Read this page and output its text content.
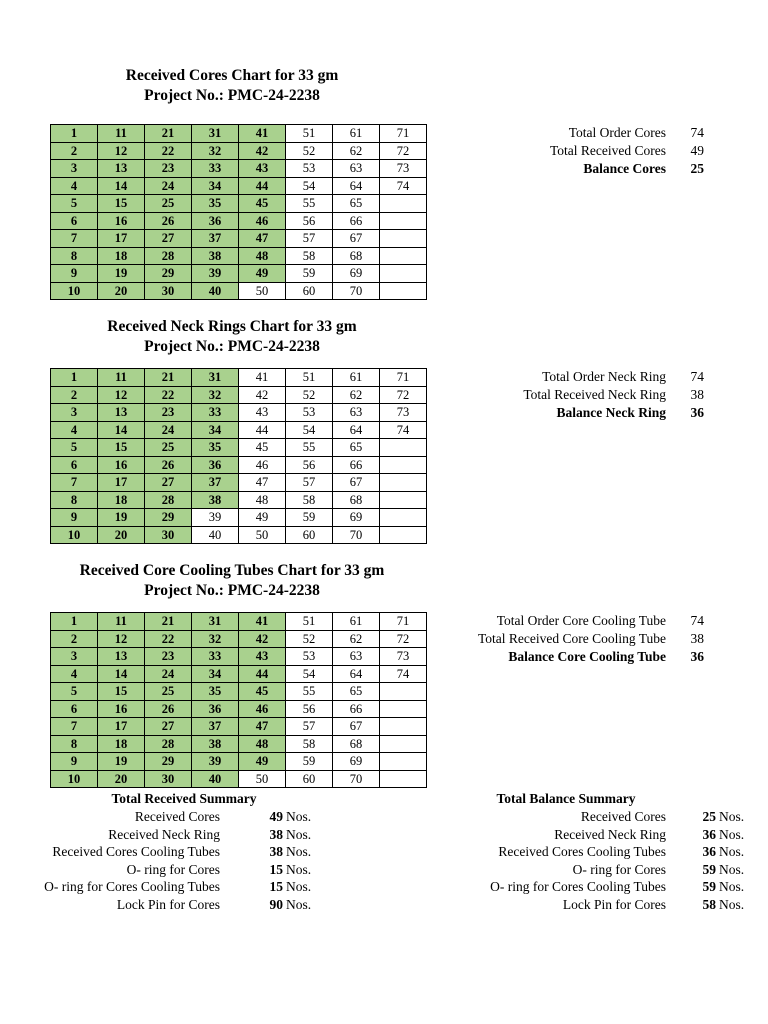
Received Cores Chart for 33 gm
Project No.: PMC-24-2238
1	11	21	31	41	51	61	71
2	12	22	32	42	52	62	72
3	13	23	33	43	53	63	73
4	14	24	34	44	54	64	74
5	15	25	35	45	55	65	
6	16	26	36	46	56	66	
7	17	27	37	47	57	67	
8	18	28	38	48	58	68	
9	19	29	39	49	59	69	
10	20	30	40	50	60	70	
Total Order Cores	74
Total Received Cores	49
Balance Cores	25
Received Neck Rings Chart for 33 gm
Project No.: PMC-24-2238
1	11	21	31	41	51	61	71
2	12	22	32	42	52	62	72
3	13	23	33	43	53	63	73
4	14	24	34	44	54	64	74
5	15	25	35	45	55	65	
6	16	26	36	46	56	66	
7	17	27	37	47	57	67	
8	18	28	38	48	58	68	
9	19	29	39	49	59	69	
10	20	30	40	50	60	70	
Total Order Neck Ring	74
Total Received Neck Ring	38
Balance Neck Ring	36
Received Core Cooling Tubes Chart for 33 gm
Project No.: PMC-24-2238
1	11	21	31	41	51	61	71
2	12	22	32	42	52	62	72
3	13	23	33	43	53	63	73
4	14	24	34	44	54	64	74
5	15	25	35	45	55	65	
6	16	26	36	46	56	66	
7	17	27	37	47	57	67	
8	18	28	38	48	58	68	
9	19	29	39	49	59	69	
10	20	30	40	50	60	70	
Total Order Core Cooling Tube	74
Total Received Core Cooling Tube	38
Balance Core Cooling Tube	36
Total Received Summary
Received Cores	49 Nos.
Received Neck Ring	38 Nos.
Received Cores Cooling Tubes	38 Nos.
O- ring for Cores	15 Nos.
O- ring for Cores Cooling Tubes	15 Nos.
Lock Pin for Cores	90 Nos.
Total Balance Summary
Received Cores	25 Nos.
Received Neck Ring	36 Nos.
Received Cores Cooling Tubes	36 Nos.
O- ring for Cores	59 Nos.
O- ring for Cores Cooling Tubes	59 Nos.
Lock Pin for Cores	58 Nos.
